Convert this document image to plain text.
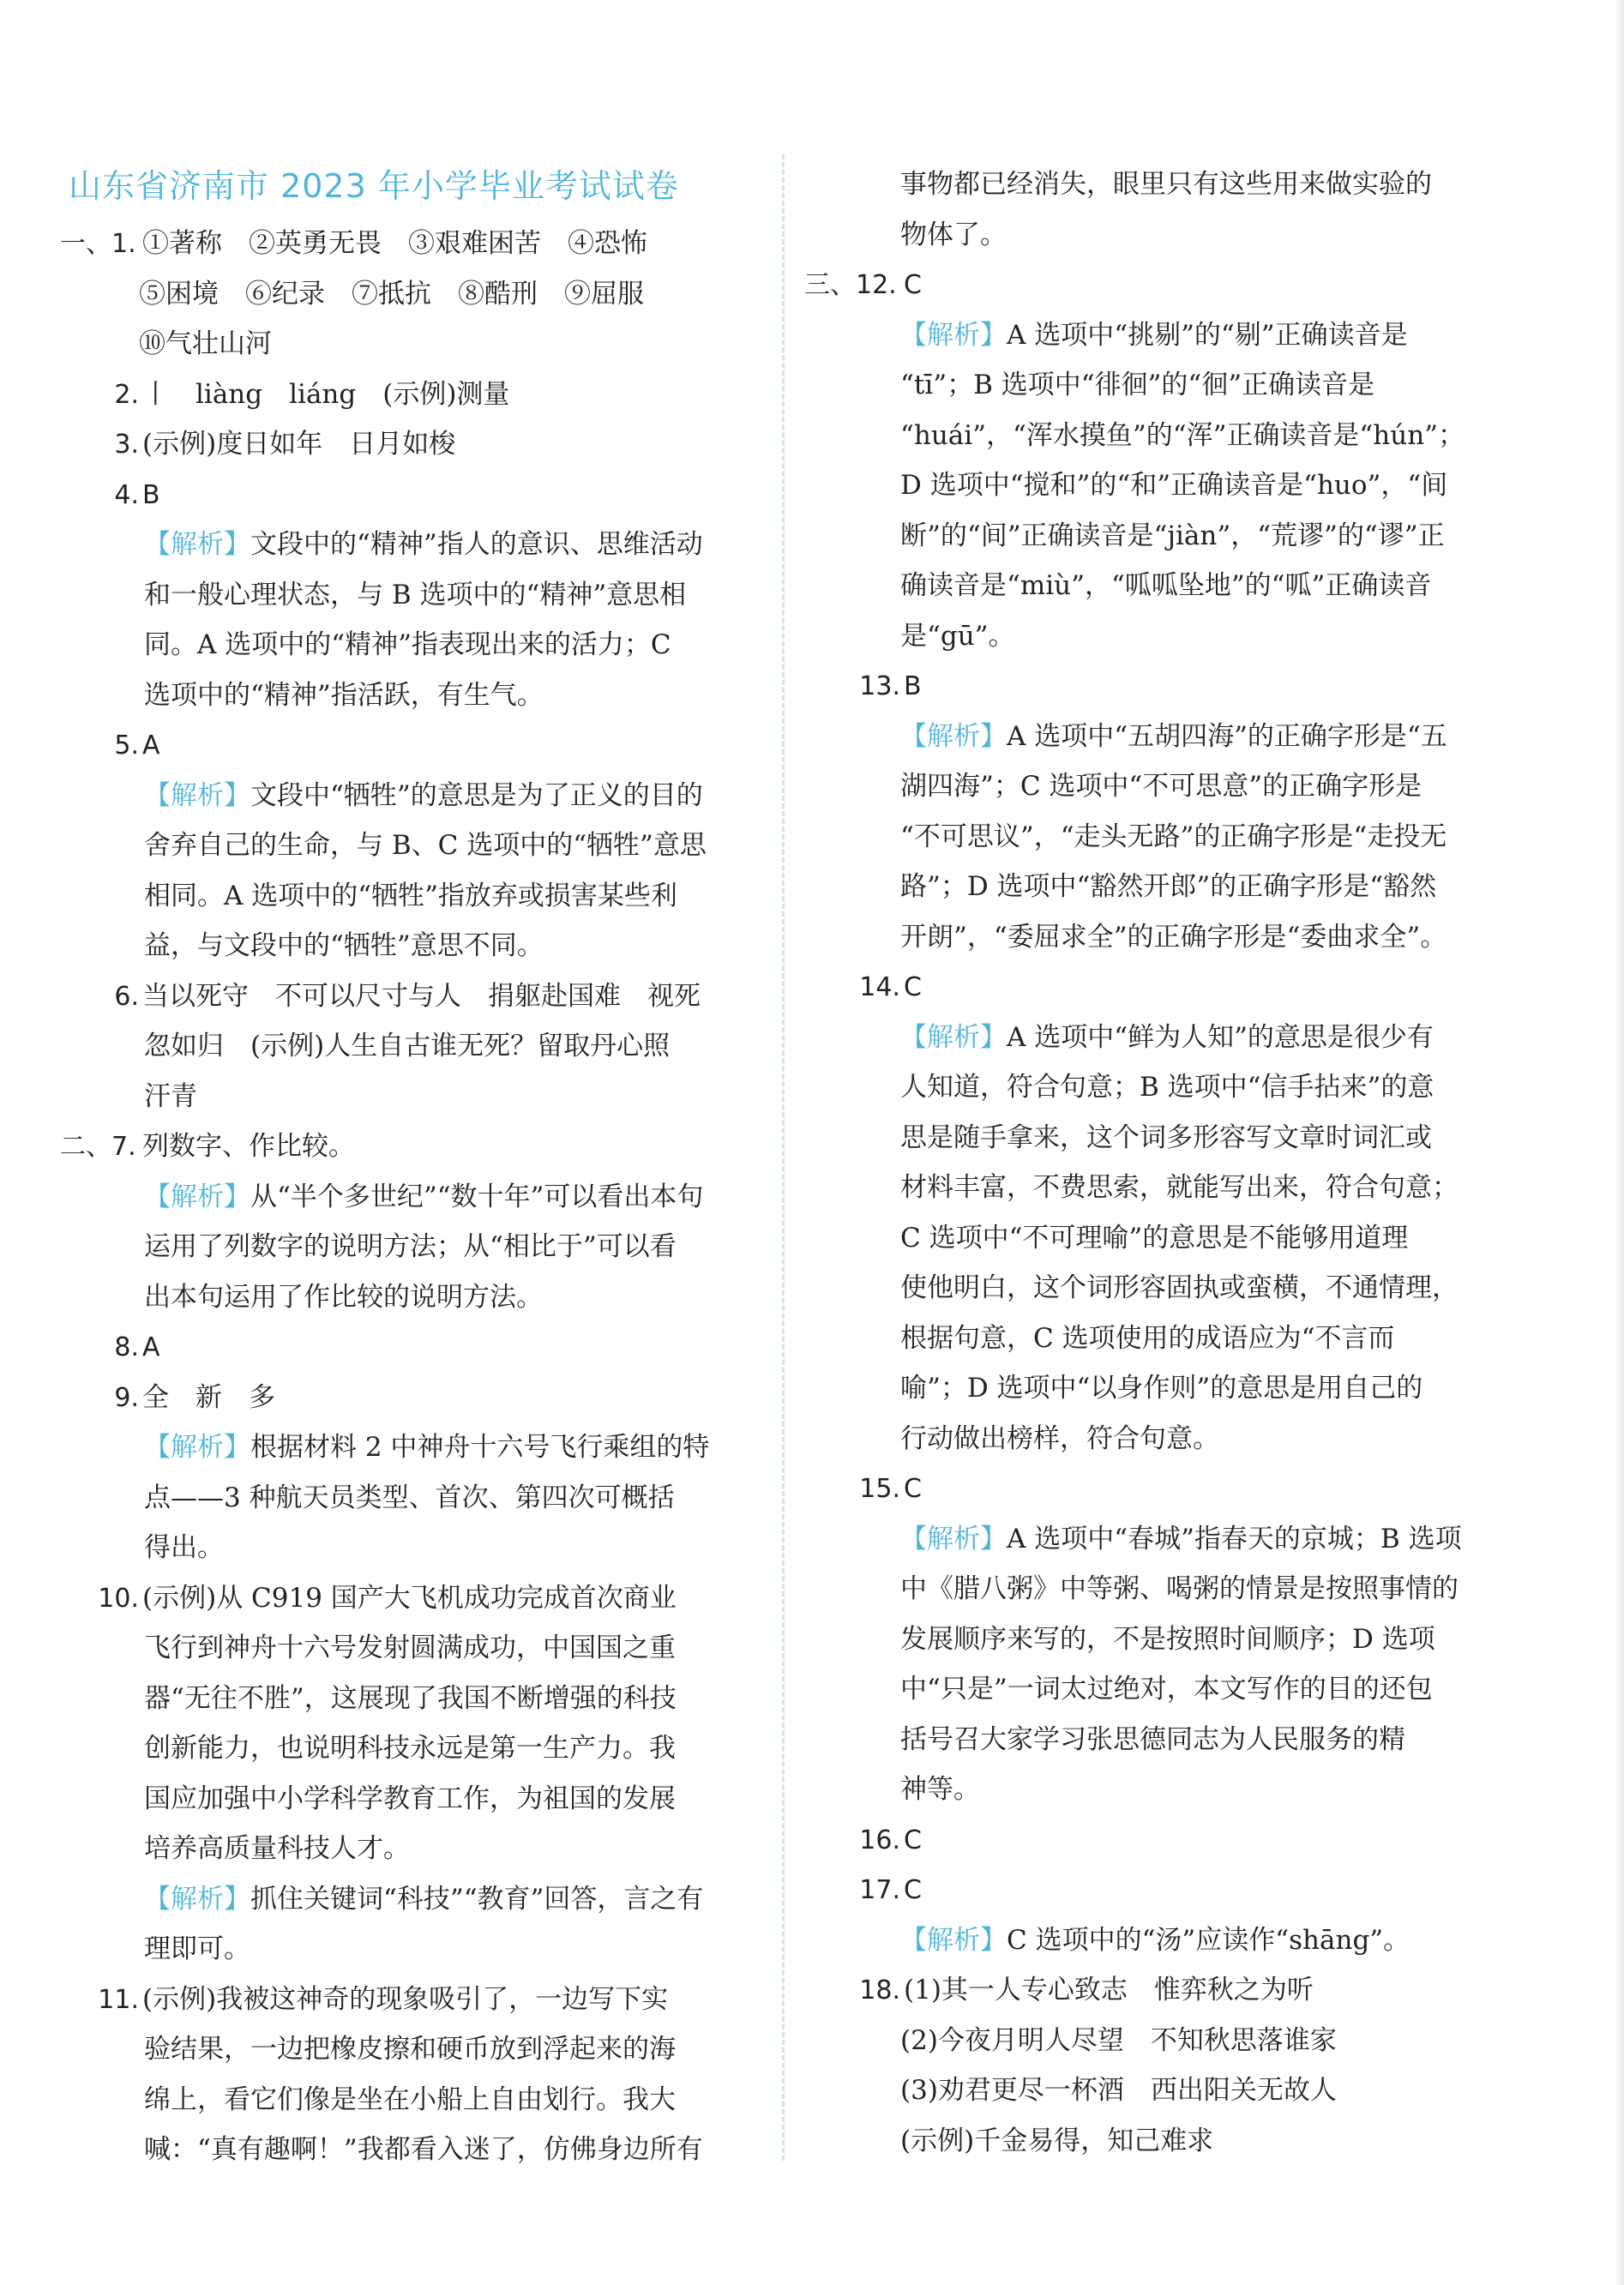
山东省济南市 2023 年小学毕业考试试卷
一、1. ①著称　②英勇无畏　③艰难困苦　④恐怖
⑤困境　⑥纪录　⑦抵抗　⑧酷刑　⑨屈服
⑩气壮山河
2. 丨　liàng　liáng　(示例)测量
3. (示例)度日如年　日月如梭
4. B
【解析】文段中的“精神”指人的意识、思维活动
和一般心理状态，与 B 选项中的“精神”意思相
同。A 选项中的“精神”指表现出来的活力；C
选项中的“精神”指活跃，有生气。
5. A
【解析】文段中“牺牲”的意思是为了正义的目的
舍弃自己的生命，与 B、C 选项中的“牺牲”意思
相同。A 选项中的“牺牲”指放弃或损害某些利
益，与文段中的“牺牲”意思不同。
6. 当以死守　不可以尺寸与人　捐躯赴国难　视死
忽如归　(示例)人生自古谁无死？留取丹心照
汗青
二、7. 列数字、作比较。
【解析】从“半个多世纪”“数十年”可以看出本句
运用了列数字的说明方法；从“相比于”可以看
出本句运用了作比较的说明方法。
8. A
9. 全　新　多
【解析】根据材料 2 中神舟十六号飞行乘组的特
点——3 种航天员类型、首次、第四次可概括
得出。
10. (示例)从 C919 国产大飞机成功完成首次商业
飞行到神舟十六号发射圆满成功，中国国之重
器“无往不胜”，这展现了我国不断增强的科技
创新能力，也说明科技永远是第一生产力。我
国应加强中小学科学教育工作，为祖国的发展
培养高质量科技人才。
【解析】抓住关键词“科技”“教育”回答，言之有
理即可。
11. (示例)我被这神奇的现象吸引了，一边写下实
验结果，一边把橡皮擦和硬币放到浮起来的海
绵上，看它们像是坐在小船上自由划行。我大
喊：“真有趣啊！”我都看入迷了，仿佛身边所有
事物都已经消失，眼里只有这些用来做实验的
物体了。
三、12. C
【解析】A 选项中“挑剔”的“剔”正确读音是
“tī”；B 选项中“徘徊”的“徊”正确读音是
“huái”，“浑水摸鱼”的“浑”正确读音是“hún”；
D 选项中“搅和”的“和”正确读音是“huo”，“间
断”的“间”正确读音是“jiàn”，“荒谬”的“谬”正
确读音是“miù”，“呱呱坠地”的“呱”正确读音
是“gū”。
13. B
【解析】A 选项中“五胡四海”的正确字形是“五
湖四海”；C 选项中“不可思意”的正确字形是
“不可思议”，“走头无路”的正确字形是“走投无
路”；D 选项中“豁然开郎”的正确字形是“豁然
开朗”，“委屈求全”的正确字形是“委曲求全”。
14. C
【解析】A 选项中“鲜为人知”的意思是很少有
人知道，符合句意；B 选项中“信手拈来”的意
思是随手拿来，这个词多形容写文章时词汇或
材料丰富，不费思索，就能写出来，符合句意；
C 选项中“不可理喻”的意思是不能够用道理
使他明白，这个词形容固执或蛮横，不通情理，
根据句意，C 选项使用的成语应为“不言而
喻”；D 选项中“以身作则”的意思是用自己的
行动做出榜样，符合句意。
15. C
【解析】A 选项中“春城”指春天的京城；B 选项
中《腊八粥》中等粥、喝粥的情景是按照事情的
发展顺序来写的，不是按照时间顺序；D 选项
中“只是”一词太过绝对，本文写作的目的还包
括号召大家学习张思德同志为人民服务的精
神等。
16. C
17. C
【解析】C 选项中的“汤”应读作“shāng”。
18. (1)其一人专心致志　惟弈秋之为听
(2)今夜月明人尽望　不知秋思落谁家
(3)劝君更尽一杯酒　西出阳关无故人
(示例)千金易得，知己难求
